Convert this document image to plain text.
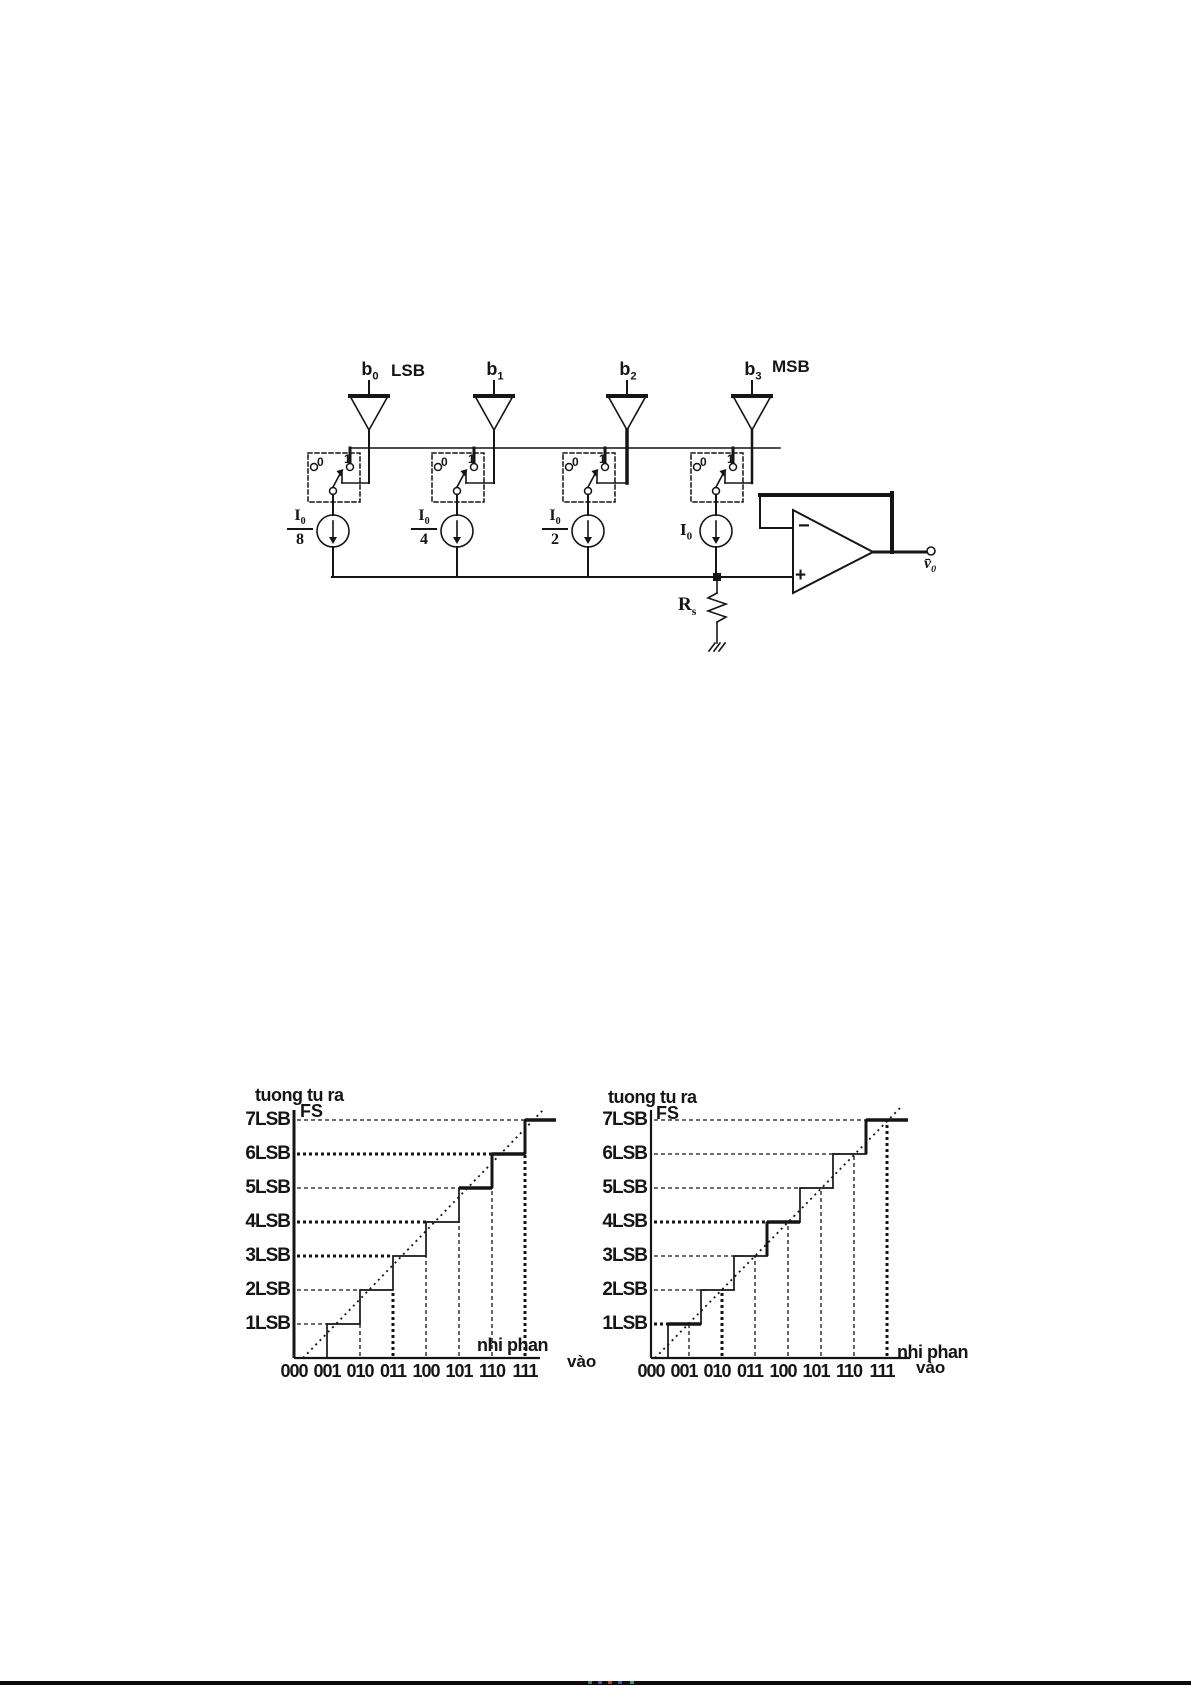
−
+
$R_s$
$v̄_0$
tuong tu ra
FS
nhi phan
vào
tuong tu ra
FS
nhi phan
vào
$b_0$ LSB
0 1
$I_0$
8
$b_1$
0 1
$I_0$
4
$b_2$
0 1
$I_0$
2
$b_3$
MSB
0 1
$I_0$
1LSB
2LSB
3LSB
4LSB
5LSB
6LSB
7LSB
000 001 010 011 100 101 110 111
1LSB
2LSB
3LSB
4LSB
5LSB
6LSB
7LSB
000 001 010 011 100 101 110 111
